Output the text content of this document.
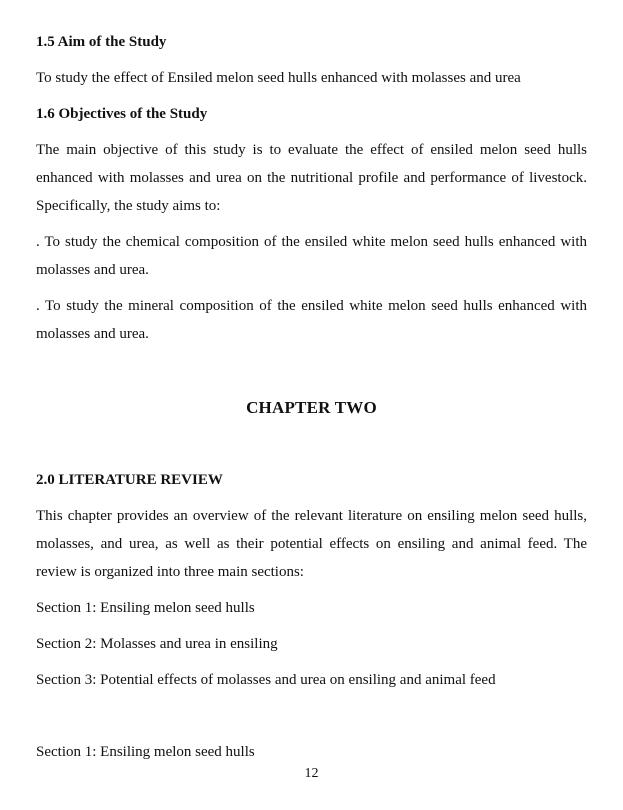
1.5 Aim of the Study

To study the effect of Ensiled melon seed hulls enhanced with molasses and urea

1.6 Objectives of the Study

The main objective of this study is to evaluate the effect of ensiled melon seed hulls enhanced with molasses and urea on the nutritional profile and performance of livestock. Specifically, the study aims to:

. To study the chemical composition of the ensiled white melon seed hulls enhanced with molasses and urea.

. To study the mineral composition of the ensiled white melon seed hulls enhanced with molasses and urea.

CHAPTER TWO
2.0 LITERATURE REVIEW

This chapter provides an overview of the relevant literature on ensiling melon seed hulls, molasses, and urea, as well as their potential effects on ensiling and animal feed. The review is organized into three main sections:

Section 1: Ensiling melon seed hulls

Section 2: Molasses and urea in ensiling

Section 3: Potential effects of molasses and urea on ensiling and animal feed

Section 1: Ensiling melon seed hulls

12
